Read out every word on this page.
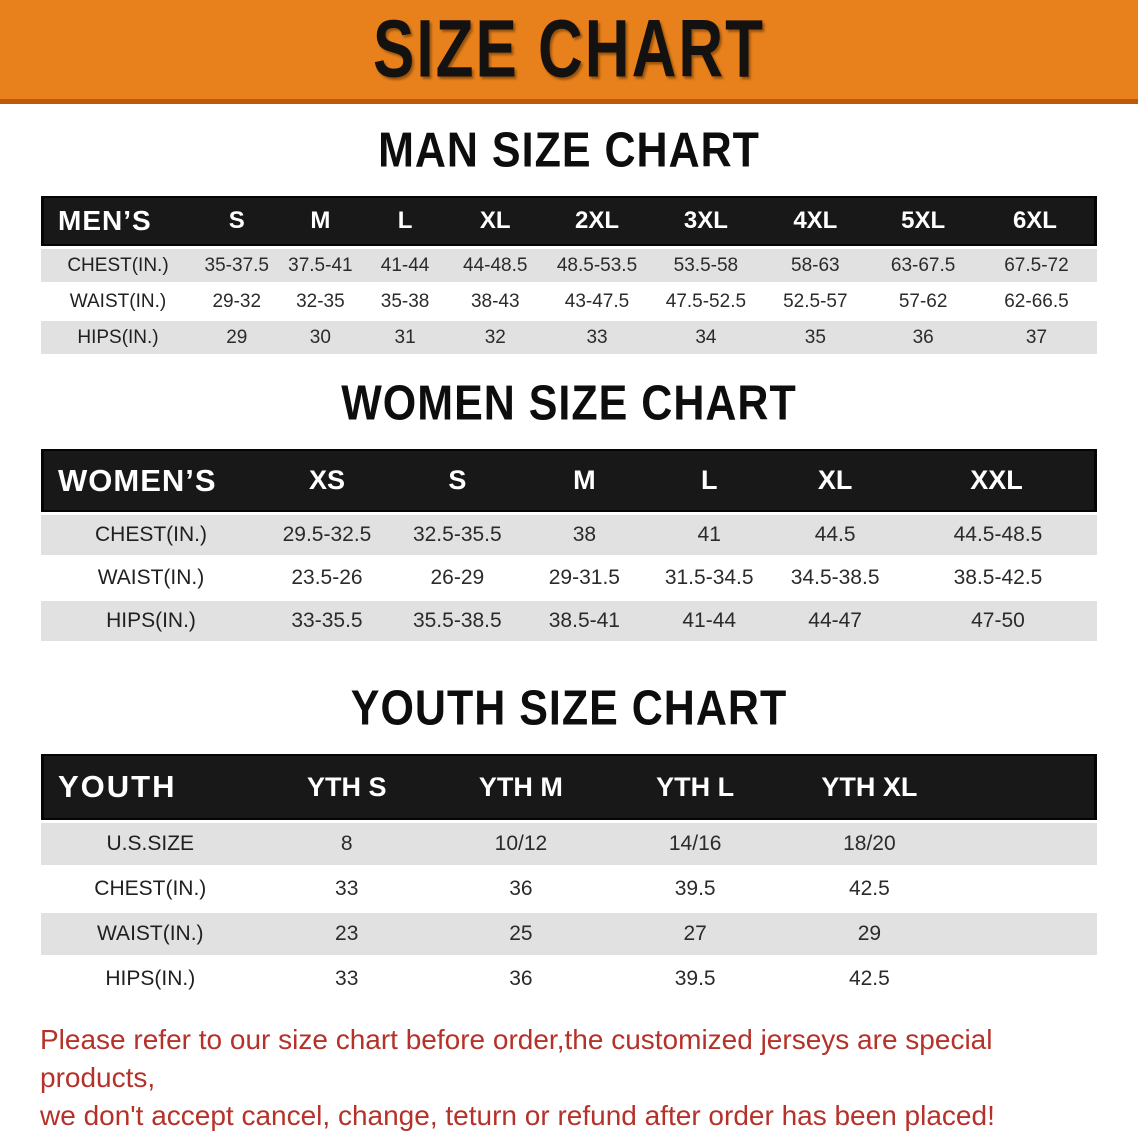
SIZE CHART
MAN SIZE CHART
MEN’S	S	M	L	XL	2XL	3XL	4XL	5XL	6XL
CHEST(IN.)	35-37.5	37.5-41	41-44	44-48.5	48.5-53.5	53.5-58	58-63	63-67.5	67.5-72
WAIST(IN.)	29-32	32-35	35-38	38-43	43-47.5	47.5-52.5	52.5-57	57-62	62-66.5
HIPS(IN.)	29	30	31	32	33	34	35	36	37
WOMEN SIZE CHART
WOMEN’S	XS	S	M	L	XL	XXL
CHEST(IN.)	29.5-32.5	32.5-35.5	38	41	44.5	44.5-48.5
WAIST(IN.)	23.5-26	26-29	29-31.5	31.5-34.5	34.5-38.5	38.5-42.5
HIPS(IN.)	33-35.5	35.5-38.5	38.5-41	41-44	44-47	47-50
YOUTH SIZE CHART
YOUTH	YTH S	YTH M	YTH L	YTH XL	
U.S.SIZE	8	10/12	14/16	18/20	
CHEST(IN.)	33	36	39.5	42.5	
WAIST(IN.)	23	25	27	29	
HIPS(IN.)	33	36	39.5	42.5	

Please refer to our size chart before order,the customized jerseys are special products,

we don't accept cancel, change, teturn or refund after order has been placed!
